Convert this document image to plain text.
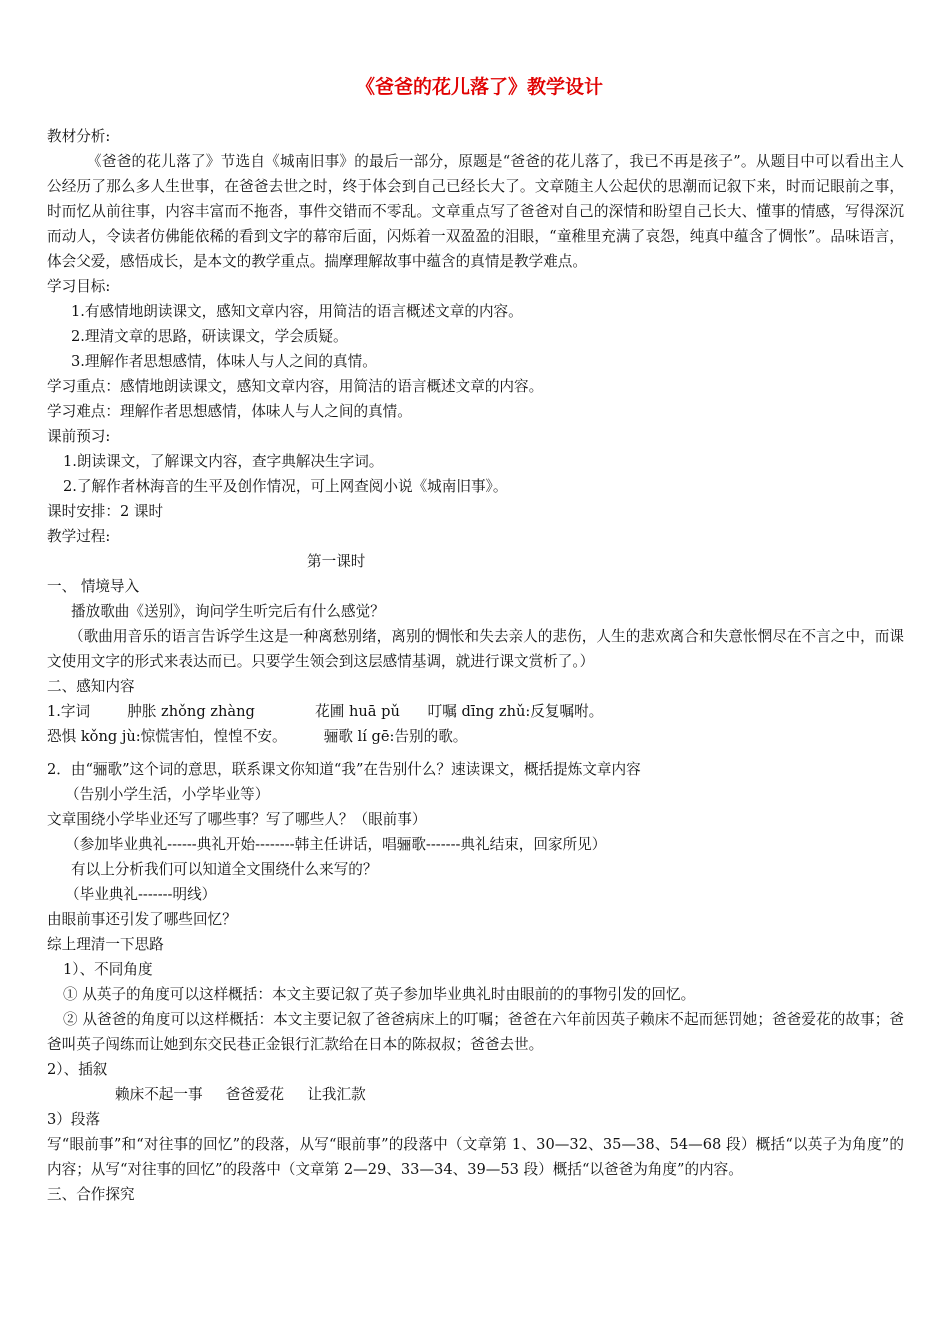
《爸爸的花儿落了》教学设计
教材分析:
《爸爸的花儿落了》节选自《城南旧事》的最后一部分，原题是“爸爸的花儿落了，我已不再是孩子”。从题目中可以看出主人公经历了那么多人生世事，在爸爸去世之时，终于体会到自己已经长大了。文章随主人公起伏的思潮而记叙下来，时而记眼前之事，时而忆从前往事，内容丰富而不拖沓，事件交错而不零乱。文章重点写了爸爸对自己的深情和盼望自己长大、懂事的情感，写得深沉而动人，令读者仿佛能依稀的看到文字的幕帘后面，闪烁着一双盈盈的泪眼，“童稚里充满了哀怨，纯真中蕴含了惆怅”。品味语言，体会父爱，感悟成长，是本文的教学重点。揣摩理解故事中蕴含的真情是教学难点。
学习目标:
1.有感情地朗读课文，感知文章内容，用简洁的语言概述文章的内容。
2.理清文章的思路，研读课文，学会质疑。
3.理解作者思想感情，体味人与人之间的真情。
学习重点：感情地朗读课文，感知文章内容，用简洁的语言概述文章的内容。
学习难点：理解作者思想感情，体味人与人之间的真情。
课前预习:
1.朗读课文，了解课文内容，查字典解决生字词。
2.了解作者林海音的生平及创作情况，可上网查阅小说《城南旧事》。
课时安排：2 课时
教学过程:
第一课时
一、 情境导入
播放歌曲《送别》，询问学生听完后有什么感觉？
（歌曲用音乐的语言告诉学生这是一种离愁别绪，离别的惆怅和失去亲人的悲伤，人生的悲欢离合和失意怅惘尽在不言之中，而课文使用文字的形式来表达而已。只要学生领会到这层感情基调，就进行课文赏析了。）
二、感知内容
1.字词        肿胀 zhǒng zhàng             花圃 huā pǔ      叮嘱 dīng zhǔ:反复嘱咐。
恐惧 kǒng jù:惊慌害怕，惶惶不安。        骊歌 lí gē:告别的歌。
2．由“骊歌”这个词的意思，联系课文你知道“我”在告别什么？速读课文，概括提炼文章内容
（告别小学生活，小学毕业等）
文章围绕小学毕业还写了哪些事？写了哪些人？（眼前事）
（参加毕业典礼------典礼开始--------韩主任讲话，唱骊歌-------典礼结束，回家所见）
有以上分析我们可以知道全文围绕什么来写的？
（毕业典礼-------明线）
由眼前事还引发了哪些回忆？
综上理清一下思路
1）、不同角度
① 从英子的角度可以这样概括：本文主要记叙了英子参加毕业典礼时由眼前的的事物引发的回忆。
② 从爸爸的角度可以这样概括：本文主要记叙了爸爸病床上的叮嘱；爸爸在六年前因英子赖床不起而惩罚她；爸爸爱花的故事；爸爸叫英子闯练而让她到东交民巷正金银行汇款给在日本的陈叔叔；爸爸去世。
2）、插叙
赖床不起一事     爸爸爱花     让我汇款
3）段落
写“眼前事”和“对往事的回忆”的段落，从写“眼前事”的段落中（文章第 1、30—32、35—38、54—68 段）概括“以英子为角度”的内容；从写“对往事的回忆”的段落中（文章第 2—29、33—34、39—53 段）概括“以爸爸为角度”的内容。
三、合作探究
